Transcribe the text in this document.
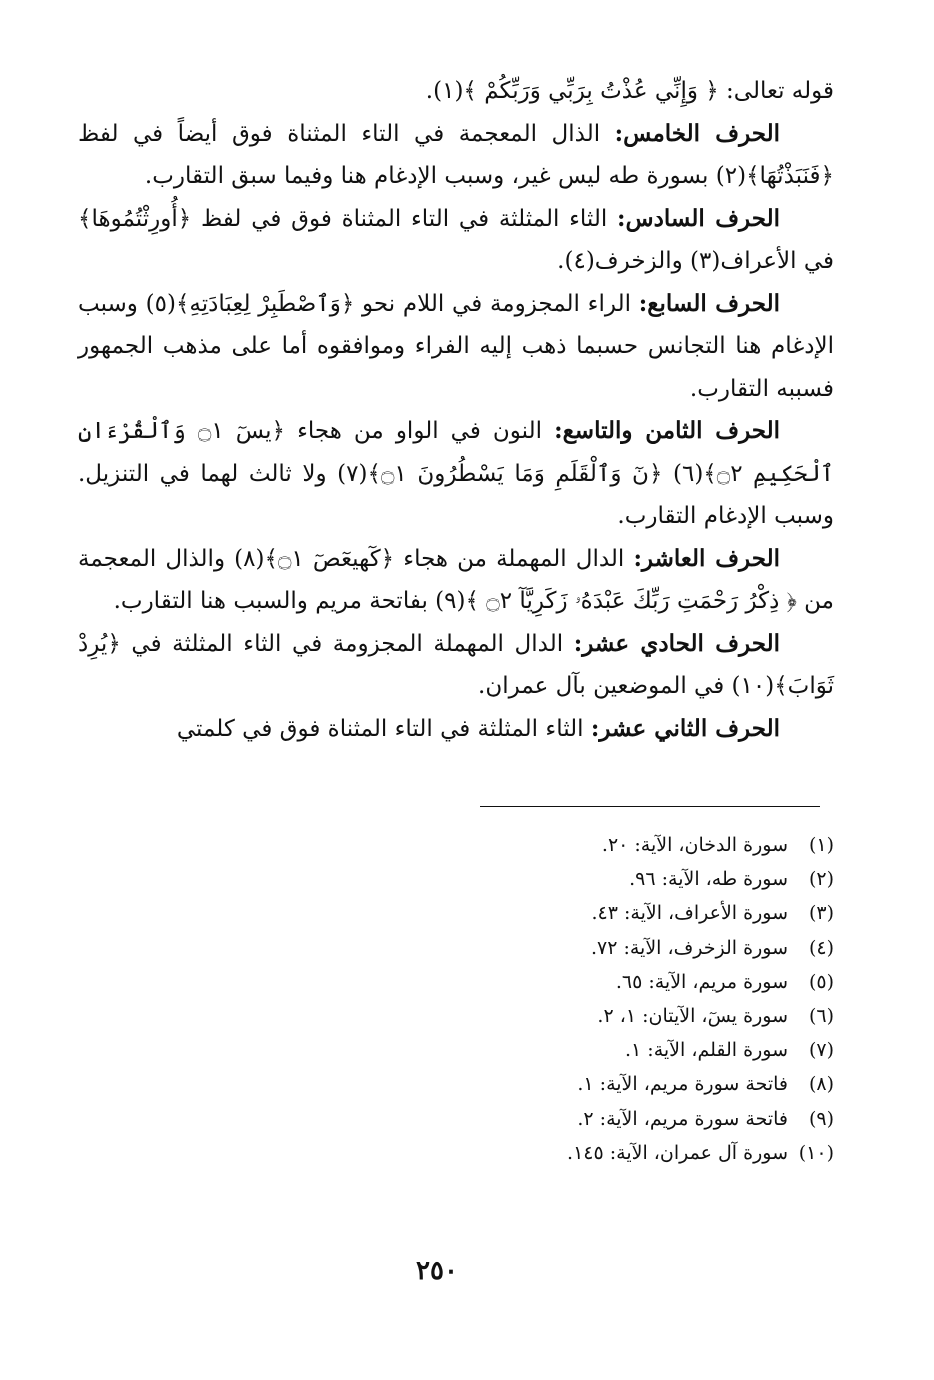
قوله تعالى: ﴿ وَإِنِّي عُذْتُ بِرَبِّي وَرَبِّكُمْ ﴾(١).

الحرف الخامس: الذال المعجمة في التاء المثناة فوق أيضاً في لفظ ﴿فَنَبَذْتُهَا﴾(٢) بسورة طه ليس غير، وسبب الإدغام هنا وفيما سبق التقارب.

الحرف السادس: الثاء المثلثة في التاء المثناة فوق في لفظ ﴿أُورِثْتُمُوهَا﴾ في الأعراف(٣) والزخرف(٤).

الحرف السابع: الراء المجزومة في اللام نحو ﴿وَٱصْطَبِرْ لِعِبَادَتِهِ﴾(٥) وسبب الإدغام هنا التجانس حسبما ذهب إليه الفراء وموافقوه أما على مذهب الجمهور فسببه التقارب.

الحرف الثامن والتاسع: النون في الواو من هجاء ﴿يسٓ ۝١ وَٱلْقُرْءَانِ ٱلْحَكِيمِ ۝٢﴾(٦) ﴿نٓ وَٱلْقَلَمِ وَمَا يَسْطُرُونَ ۝١﴾(٧) ولا ثالث لهما في التنزيل. وسبب الإدغام التقارب.

الحرف العاشر: الدال المهملة من هجاء ﴿كٓهيعٓصٓ ۝١﴾(٨) والذال المعجمة من ﴿ ذِكْرُ رَحْمَتِ رَبِّكَ عَبْدَهُۥ زَكَرِيَّآ ۝٢ ﴾(٩) بفاتحة مريم والسبب هنا التقارب.

الحرف الحادي عشر: الدال المهملة المجزومة في الثاء المثلثة في ﴿يُرِدْ ثَوَابَ﴾(١٠) في الموضعين بآل عمران.

الحرف الثاني عشر: الثاء المثلثة في التاء المثناة فوق في كلمتي

(١)
سورة الدخان، الآية: ٢٠.
(٢)
سورة طه، الآية: ٩٦.
(٣)
سورة الأعراف، الآية: ٤٣.
(٤)
سورة الزخرف، الآية: ٧٢.
(٥)
سورة مريم، الآية: ٦٥.
(٦)
سورة يسٓ، الآيتان: ١، ٢.
(٧)
سورة القلم، الآية: ١.
(٨)
فاتحة سورة مريم، الآية: ١.
(٩)
فاتحة سورة مريم، الآية: ٢.
(١٠)
سورة آل عمران، الآية: ١٤٥.
٢٥٠
